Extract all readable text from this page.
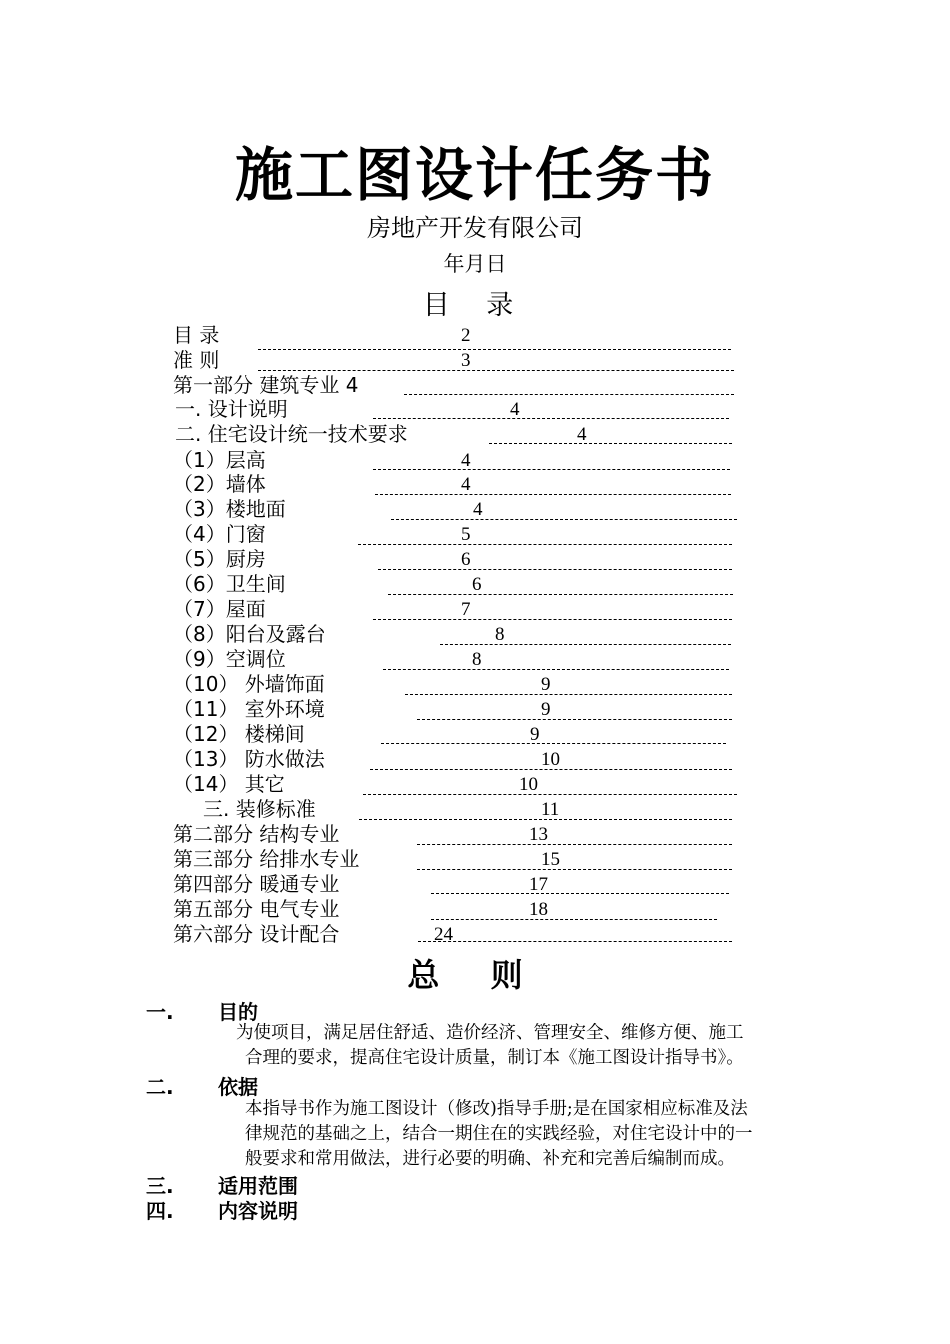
施工图设计任务书
房地产开发有限公司
年月日
目 录
目 录	2
准 则	3
第一部分 建筑专业 4
一. 设计说明	4
二. 住宅设计统一技术要求	4
（1）层高	4
（2）墙体	4
（3）楼地面	4
（4）门窗	5
（5）厨房	6
（6）卫生间	6
（7）屋面	7
（8）阳台及露台	8
（9）空调位	8
（10） 外墙饰面	9
（11） 室外环境	9
（12） 楼梯间	9
（13） 防水做法	10
（14） 其它	10
三. 装修标准	11
第二部分 结构专业	13
第三部分 给排水专业	15
第四部分 暖通专业	17
第五部分 电气专业	18
第六部分 设计配合	24
总 则
一. 目的
为使项目，满足居住舒适、造价经济、管理安全、维修方便、施工
合理的要求，提高住宅设计质量，制订本《施工图设计指导书》。
二. 依据
本指导书作为施工图设计（修改)指导手册;是在国家相应标准及法
律规范的基础之上，结合一期住在的实践经验，对住宅设计中的一
般要求和常用做法，进行必要的明确、补充和完善后编制而成。
三. 适用范围
四. 内容说明
